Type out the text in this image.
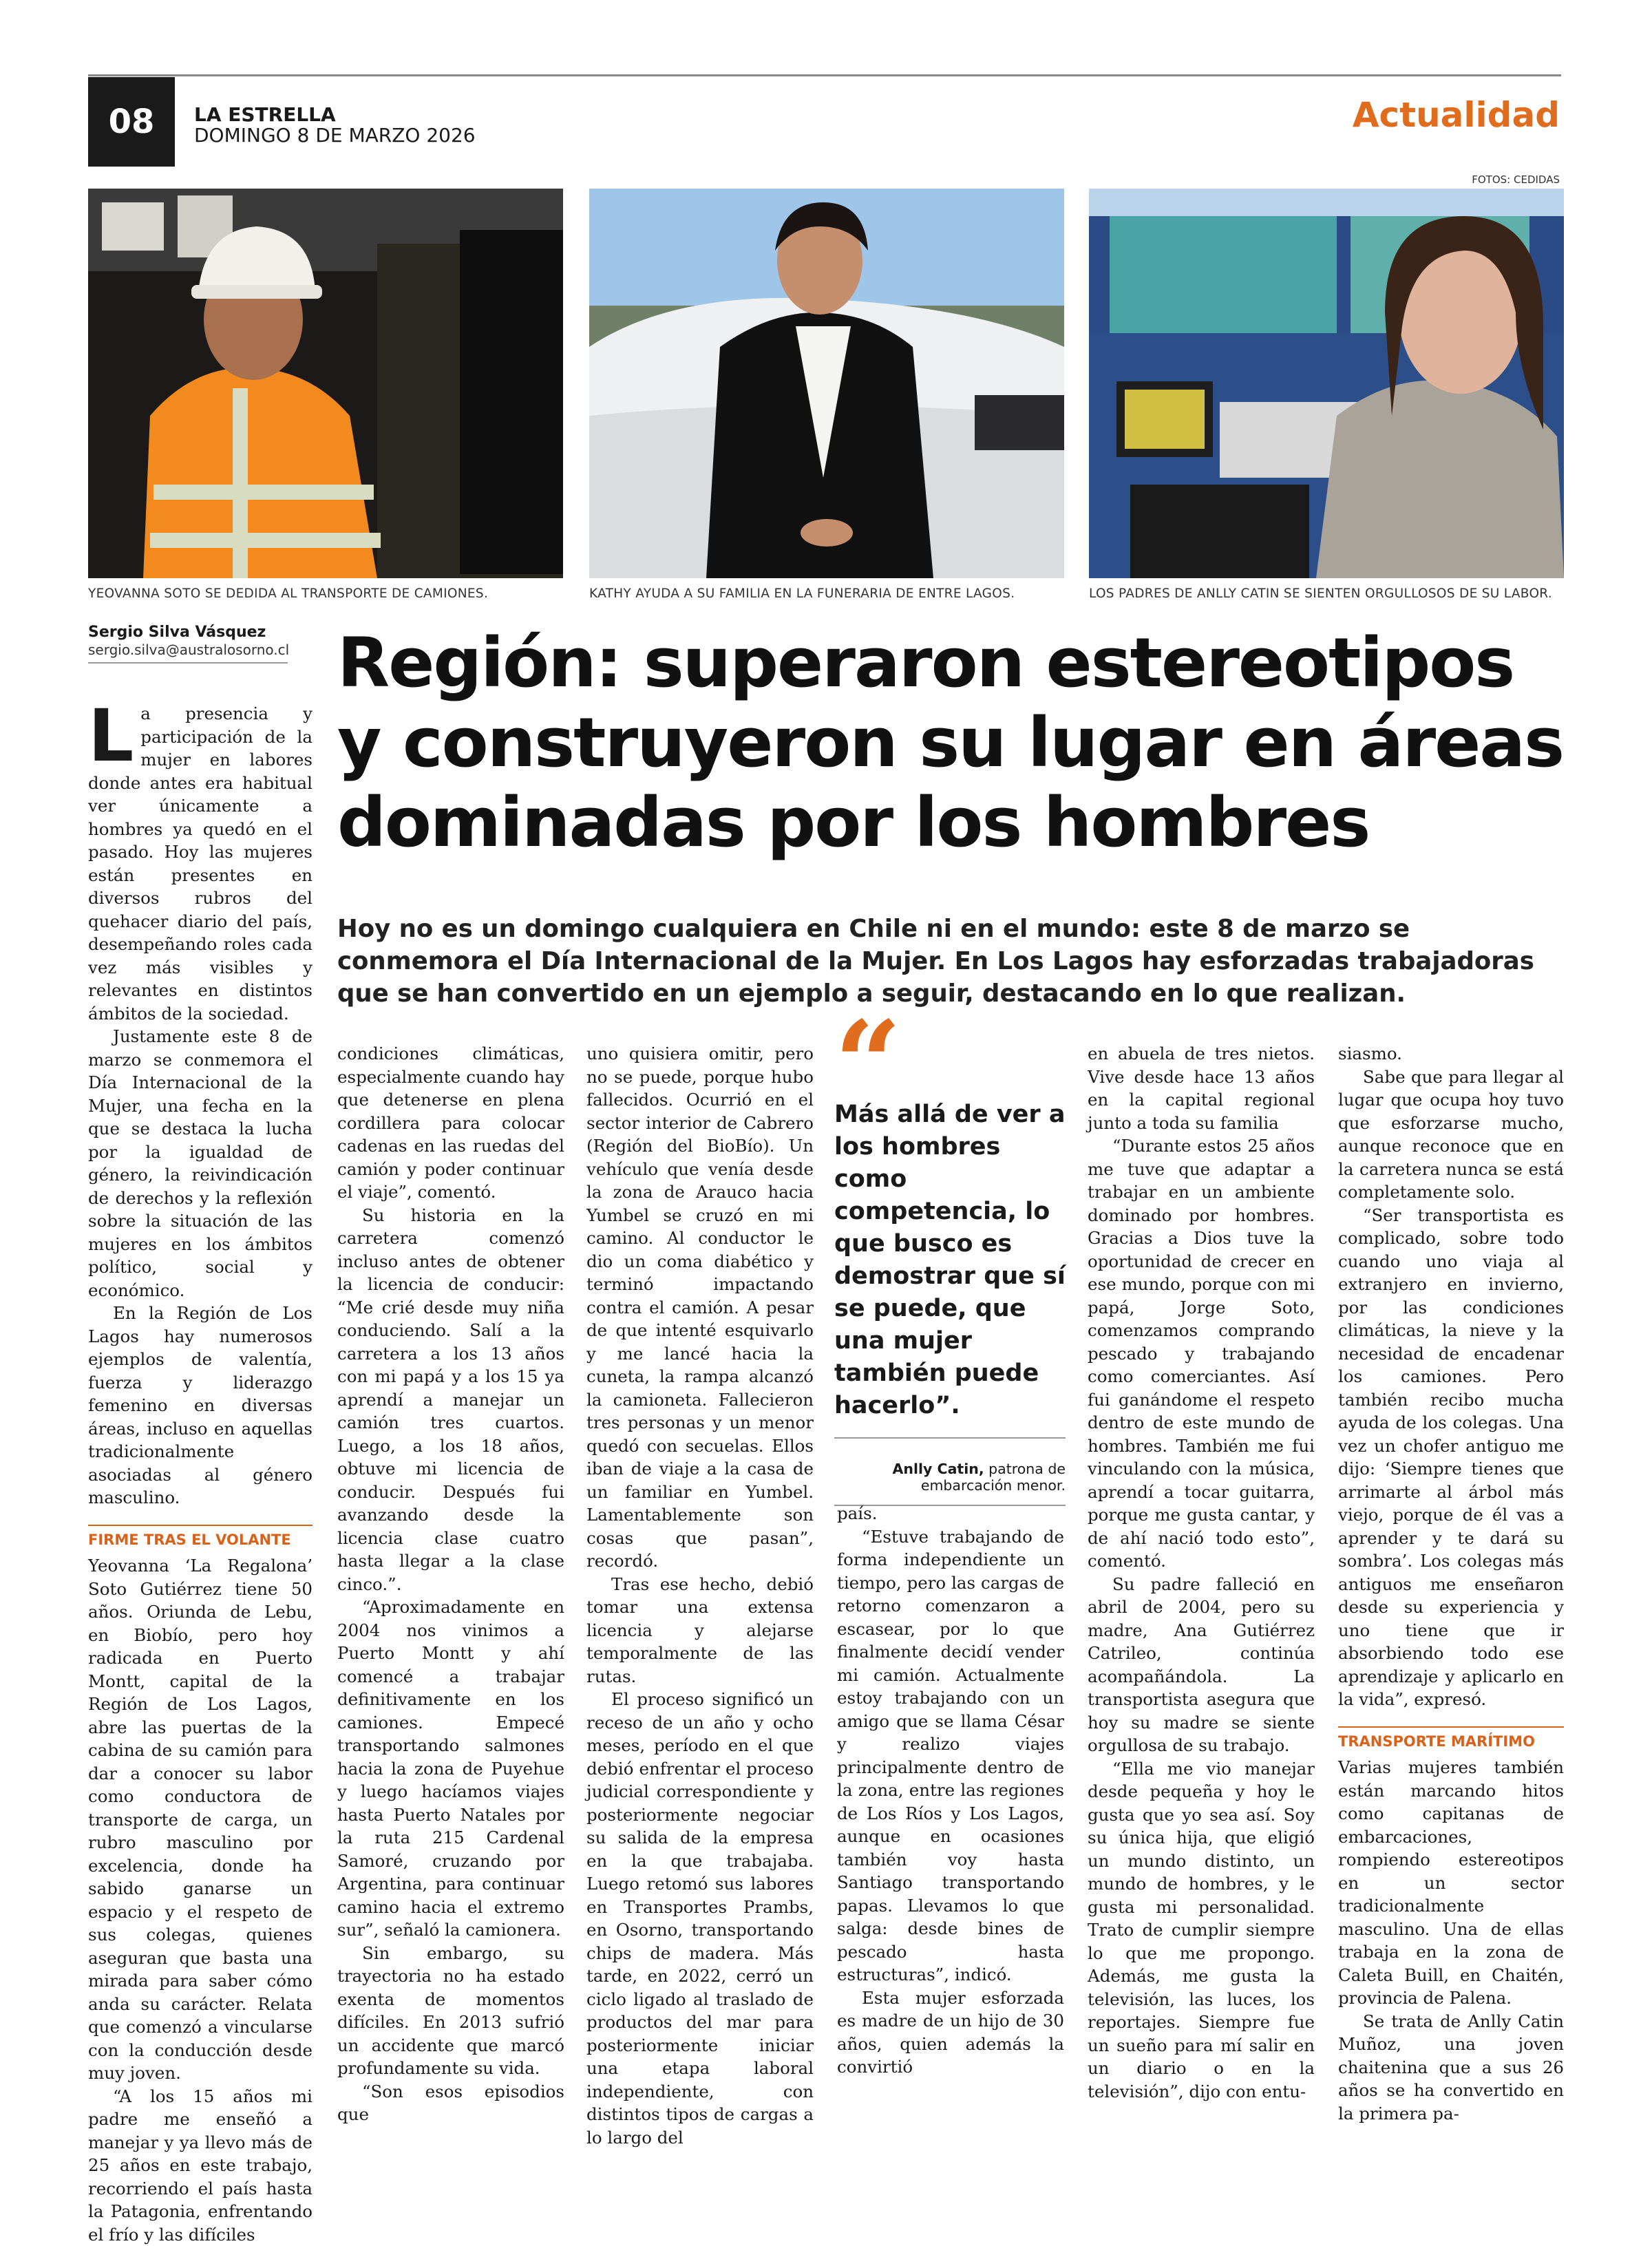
08	LA ESTRELLA
DOMINGO 8 DE MARZO 2026
Actualidad
FOTOS: CEDIDAS
YEOVANNA SOTO SE DEDIDA AL TRANSPORTE DE CAMIONES.	KATHY AYUDA A SU FAMILIA EN LA FUNERARIA DE ENTRE LAGOS.	LOS PADRES DE ANLLY CATIN SE SIENTEN ORGULLOSOS DE SU LABOR.
Sergio Silva Vásquez
sergio.silva@australosorno.cl Región: superaron estereotipos y construyeron su lugar en áreas dominadas por los hombres

Hoy no es un domingo cualquiera en Chile ni en el mundo: este 8 de marzo se conmemora el Día Internacional de la Mujer. En Los Lagos hay esforzadas trabajadoras que se han convertido en un ejemplo a seguir, destacando en lo que realizan.

La presencia y participación de la mujer en labores donde antes era habitual ver únicamente a hombres ya quedó en el pasado. Hoy las mujeres están presentes en diversos rubros del quehacer diario del país, desempeñando roles cada vez más visibles y relevantes en distintos ámbitos de la sociedad.

Justamente este 8 de marzo se conmemora el Día Internacional de la Mujer, una fecha en la que se destaca la lucha por la igualdad de género, la reivindicación de derechos y la reflexión sobre la situación de las mujeres en los ámbitos político, social y económico.

En la Región de Los Lagos hay numerosos ejemplos de valentía, fuerza y liderazgo femenino en diversas áreas, incluso en aquellas tradicionalmente asociadas al género masculino.

FIRME TRAS EL VOLANTE

Yeovanna ‘La Regalona’ Soto Gutiérrez tiene 50 años. Oriunda de Lebu, en Biobío, pero hoy radicada en Puerto Montt, capital de la Región de Los Lagos, abre las puertas de la cabina de su camión para dar a conocer su labor como conductora de transporte de carga, un rubro masculino por excelencia, donde ha sabido ganarse un espacio y el respeto de sus colegas, quienes aseguran que basta una mirada para saber cómo anda su carácter. Relata que comenzó a vincularse con la conducción desde muy joven.

“A los 15 años mi padre me enseñó a manejar y ya llevo más de 25 años en este trabajo, recorriendo el país hasta la Patagonia, enfrentando el frío y las difíciles

condiciones climáticas, especialmente cuando hay que detenerse en plena cordillera para colocar cadenas en las ruedas del camión y poder continuar el viaje”, comentó.

Su historia en la carretera comenzó incluso antes de obtener la licencia de conducir: “Me crié desde muy niña conduciendo. Salí a la carretera a los 13 años con mi papá y a los 15 ya aprendí a manejar un camión tres cuartos. Luego, a los 18 años, obtuve mi licencia de conducir. Después fui avanzando desde la licencia clase cuatro hasta llegar a la clase cinco.”.

“Aproximadamente en 2004 nos vinimos a Puerto Montt y ahí comencé a trabajar definitivamente en los camiones. Empecé transportando salmones hacia la zona de Puyehue y luego hacíamos viajes hasta Puerto Natales por la ruta 215 Cardenal Samoré, cruzando por Argentina, para continuar camino hacia el extremo sur”, señaló la camionera.

Sin embargo, su trayectoria no ha estado exenta de momentos difíciles. En 2013 sufrió un accidente que marcó profundamente su vida.

“Son esos episodios que

uno quisiera omitir, pero no se puede, porque hubo fallecidos. Ocurrió en el sector interior de Cabrero (Región del BioBío). Un vehículo que venía desde la zona de Arauco hacia Yumbel se cruzó en mi camino. Al conductor le dio un coma diabético y terminó impactando contra el camión. A pesar de que intenté esquivarlo y me lancé hacia la cuneta, la rampa alcanzó la camioneta. Fallecieron tres personas y un menor quedó con secuelas. Ellos iban de viaje a la casa de un familiar en Yumbel. Lamentablemente son cosas que pasan”, recordó.

Tras ese hecho, debió tomar una extensa licencia y alejarse temporalmente de las rutas.

El proceso significó un receso de un año y ocho meses, período en el que debió enfrentar el proceso judicial correspondiente y posteriormente negociar su salida de la empresa en la que trabajaba. Luego retomó sus labores en Transportes Prambs, en Osorno, transportando chips de madera. Más tarde, en 2022, cerró un ciclo ligado al traslado de productos del mar para posteriormente iniciar una etapa laboral independiente, con distintos tipos de cargas a lo largo del

“
Más allá de ver a los hombres como competencia, lo que busco es demostrar que sí se puede, que una mujer también puede hacerlo”.
Anlly Catin, patrona de embarcación menor.

país.

“Estuve trabajando de forma independiente un tiempo, pero las cargas de retorno comenzaron a escasear, por lo que finalmente decidí vender mi camión. Actualmente estoy trabajando con un amigo que se llama César y realizo viajes principalmente dentro de la zona, entre las regiones de Los Ríos y Los Lagos, aunque en ocasiones también voy hasta Santiago transportando papas. Llevamos lo que salga: desde bines de pescado hasta estructuras”, indicó.

Esta mujer esforzada es madre de un hijo de 30 años, quien además la convirtió

en abuela de tres nietos. Vive desde hace 13 años en la capital regional junto a toda su familia

“Durante estos 25 años me tuve que adaptar a trabajar en un ambiente dominado por hombres. Gracias a Dios tuve la oportunidad de crecer en ese mundo, porque con mi papá, Jorge Soto, comenzamos comprando pescado y trabajando como comerciantes. Así fui ganándome el respeto dentro de este mundo de hombres. También me fui vinculando con la música, aprendí a tocar guitarra, porque me gusta cantar, y de ahí nació todo esto”, comentó.

Su padre falleció en abril de 2004, pero su madre, Ana Gutiérrez Catrileo, continúa acompañándola. La transportista asegura que hoy su madre se siente orgullosa de su trabajo.

“Ella me vio manejar desde pequeña y hoy le gusta que yo sea así. Soy su única hija, que eligió un mundo distinto, un mundo de hombres, y le gusta mi personalidad. Trato de cumplir siempre lo que me propongo. Además, me gusta la televisión, las luces, los reportajes. Siempre fue un sueño para mí salir en un diario o en la televisión”, dijo con entu-

siasmo.

Sabe que para llegar al lugar que ocupa hoy tuvo que esforzarse mucho, aunque reconoce que en la carretera nunca se está completamente solo.

“Ser transportista es complicado, sobre todo cuando uno viaja al extranjero en invierno, por las condiciones climáticas, la nieve y la necesidad de encadenar los camiones. Pero también recibo mucha ayuda de los colegas. Una vez un chofer antiguo me dijo: ‘Siempre tienes que arrimarte al árbol más viejo, porque de él vas a aprender y te dará su sombra’. Los colegas más antiguos me enseñaron desde su experiencia y uno tiene que ir absorbiendo todo ese aprendizaje y aplicarlo en la vida”, expresó.

TRANSPORTE MARÍTIMO

Varias mujeres también están marcando hitos como capitanas de embarcaciones, rompiendo estereotipos en un sector tradicionalmente masculino. Una de ellas trabaja en la zona de Caleta Buill, en Chaitén, provincia de Palena.

Se trata de Anlly Catin Muñoz, una joven chaitenina que a sus 26 años se ha convertido en la primera pa-
